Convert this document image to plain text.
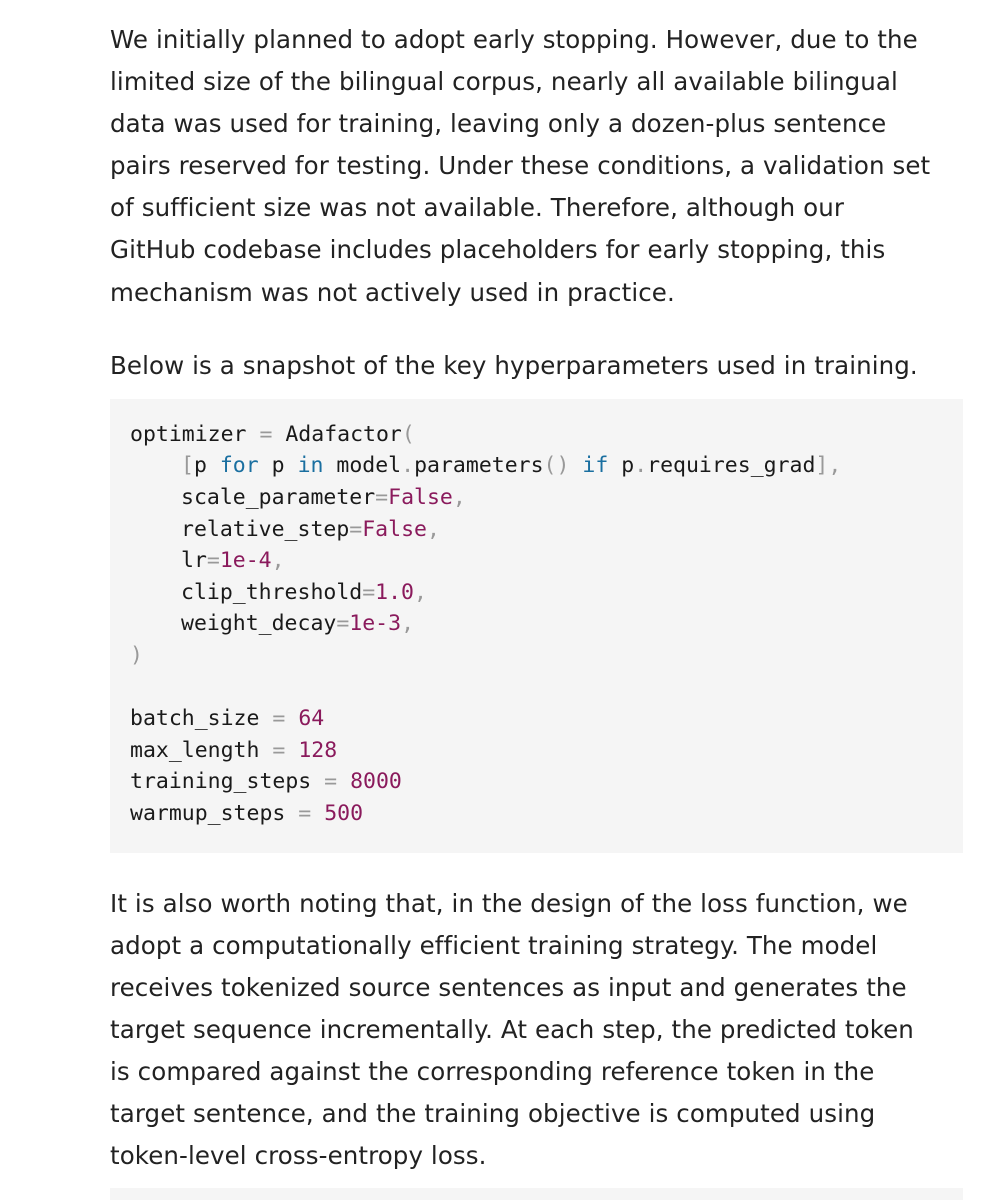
We initially planned to adopt early stopping. However, due to the
limited size of the bilingual corpus, nearly all available bilingual
data was used for training, leaving only a dozen-plus sentence
pairs reserved for testing. Under these conditions, a validation set
of sufficient size was not available. Therefore, although our
GitHub codebase includes placeholders for early stopping, this
mechanism was not actively used in practice.

Below is a snapshot of the key hyperparameters used in training.

optimizer = Adafactor(
[p for p in model.parameters() if p.requires_grad],
scale_parameter=False,
relative_step=False,
lr=1e-4,
clip_threshold=1.0,
weight_decay=1e-3,
)
batch_size = 64
max_length = 128
training_steps = 8000
warmup_steps = 500

It is also worth noting that, in the design of the loss function, we
adopt a computationally efficient training strategy. The model
receives tokenized source sentences as input and generates the
target sequence incrementally. At each step, the predicted token
is compared against the corresponding reference token in the
target sentence, and the training objective is computed using
token-level cross-entropy loss.
